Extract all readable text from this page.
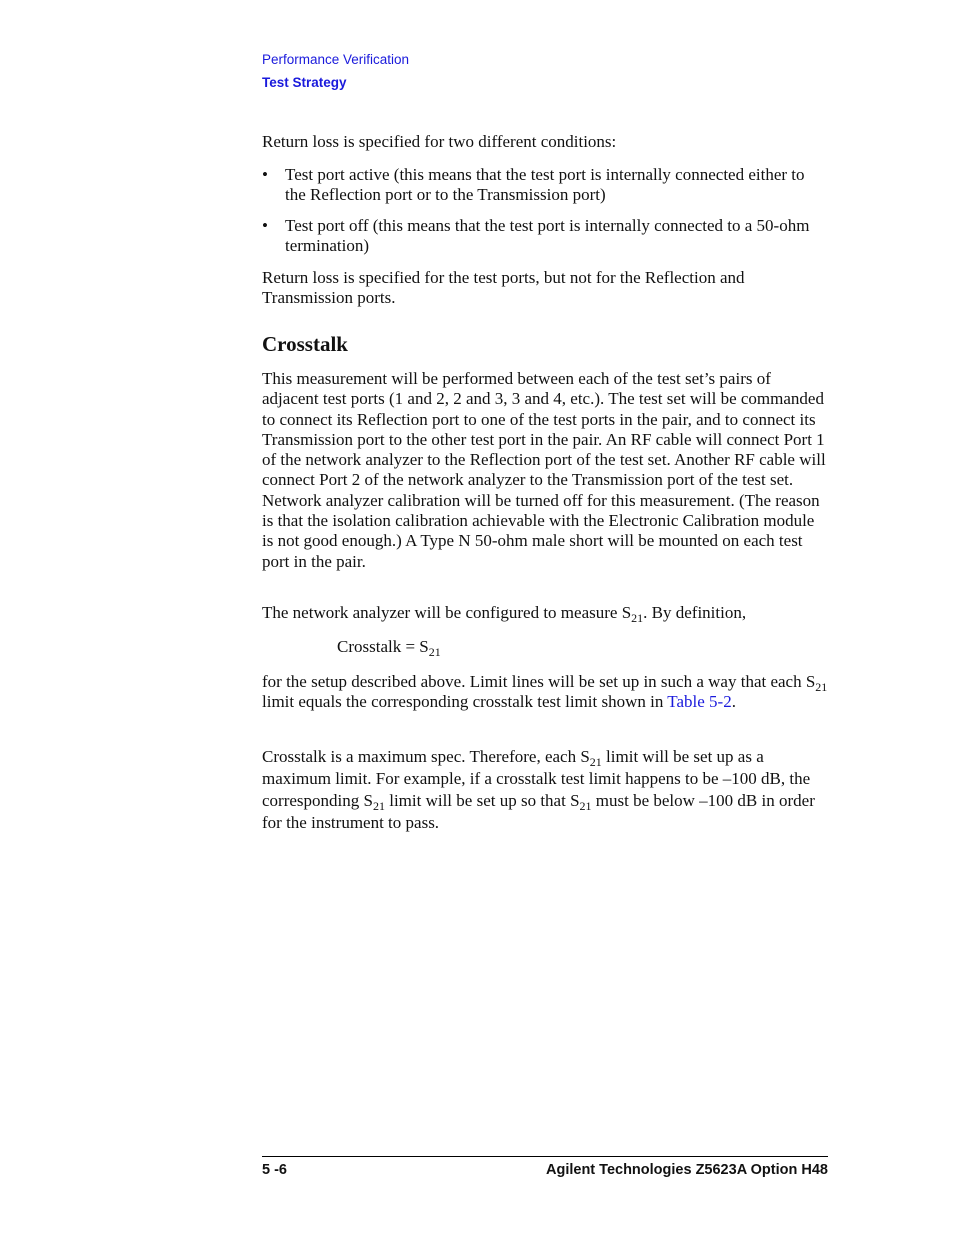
Performance Verification
Test Strategy

Return loss is specified for two different conditions:

• Test port active (this means that the test port is internally connected either to the Reflection port or to the Transmission port)
• Test port off (this means that the test port is internally connected to a 50-ohm termination)

Return loss is specified for the test ports, but not for the Reflection and Transmission ports.

Crosstalk

This measurement will be performed between each of the test set’s pairs of adjacent test ports (1 and 2, 2 and 3, 3 and 4, etc.). The test set will be commanded to connect its Reflection port to one of the test ports in the pair, and to connect its Transmission port to the other test port in the pair. An RF cable will connect Port 1 of the network analyzer to the Reflection port of the test set. Another RF cable will connect Port 2 of the network analyzer to the Transmission port of the test set. Network analyzer calibration will be turned off for this measurement. (The reason is that the isolation calibration achievable with the Electronic Calibration module is not good enough.) A Type N 50-ohm male short will be mounted on each test port in the pair.

The network analyzer will be configured to measure $S_{21}$. By definition,

Crosstalk = $S_{21}$

for the setup described above. Limit lines will be set up in such a way that each $S_{21}$ limit equals the corresponding crosstalk test limit shown in Table 5-2.

Crosstalk is a maximum spec. Therefore, each $S_{21}$ limit will be set up as a maximum limit. For example, if a crosstalk test limit happens to be –100 dB, the corresponding $S_{21}$ limit will be set up so that $S_{21}$ must be below –100 dB in order for the instrument to pass.

5 -6	Agilent Technologies Z5623A Option H48
